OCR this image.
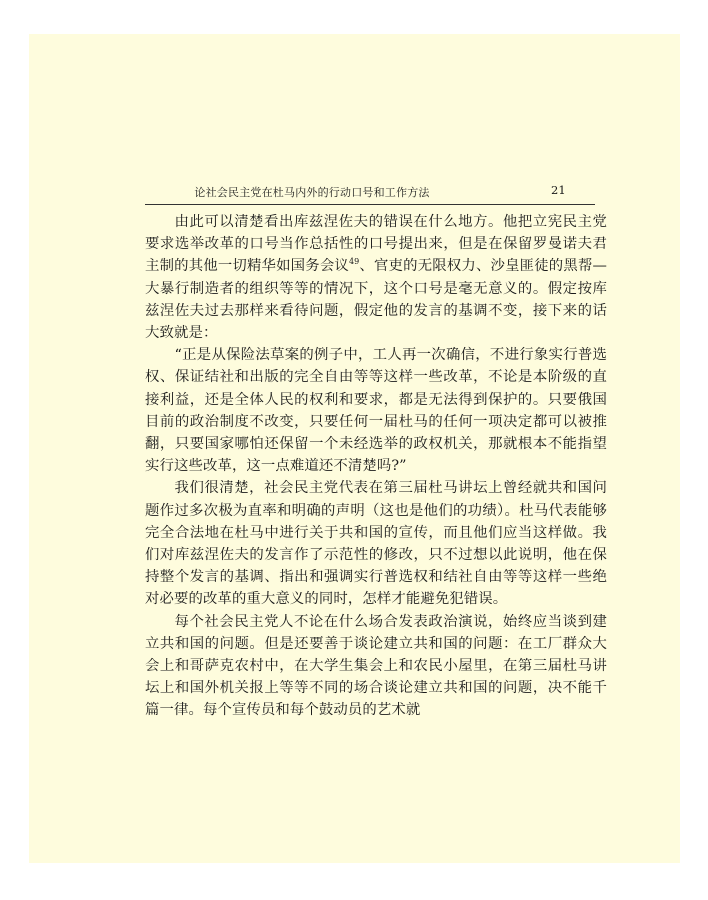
论社会民主党在杜马内外的行动口号和工作方法	21

由此可以清楚看出库兹涅佐夫的错误在什么地方。他把立宪民主党要求选举改革的口号当作总括性的口号提出来，但是在保留罗曼诺夫君主制的其他一切精华如国务会议$^{49}$、官吏的无限权力、沙皇匪徒的黑帮— 大暴行制造者的组织等等的情况下，这个口号是毫无意义的。假定按库兹涅佐夫过去那样来看待问题，假定他的发言的基调不变，接下来的话大致就是：

“正是从保险法草案的例子中，工人再一次确信，不进行象实行普选权、保证结社和出版的完全自由等等这样一些改革，不论是本阶级的直接利益，还是全体人民的权利和要求，都是无法得到保护的。只要俄国目前的政治制度不改变，只要任何一届杜马的任何一项决定都可以被推翻，只要国家哪怕还保留一个未经选举的政权机关，那就根本不能指望实行这些改革，这一点难道还不清楚吗?”

我们很清楚，社会民主党代表在第三届杜马讲坛上曾经就共和国问题作过多次极为直率和明确的声明（这也是他们的功绩）。杜马代表能够完全合法地在杜马中进行关于共和国的宣传，而且他们应当这样做。我们对库兹涅佐夫的发言作了示范性的修改，只不过想以此说明，他在保持整个发言的基调、指出和强调实行普选权和结社自由等等这样一些绝对必要的改革的重大意义的同时，怎样才能避免犯错误。

每个社会民主党人不论在什么场合发表政治演说，始终应当谈到建立共和国的问题。但是还要善于谈论建立共和国的问题：在工厂群众大会上和哥萨克农村中，在大学生集会上和农民小屋里，在第三届杜马讲坛上和国外机关报上等等不同的场合谈论建立共和国的问题，决不能千篇一律。每个宣传员和每个鼓动员的艺术就
